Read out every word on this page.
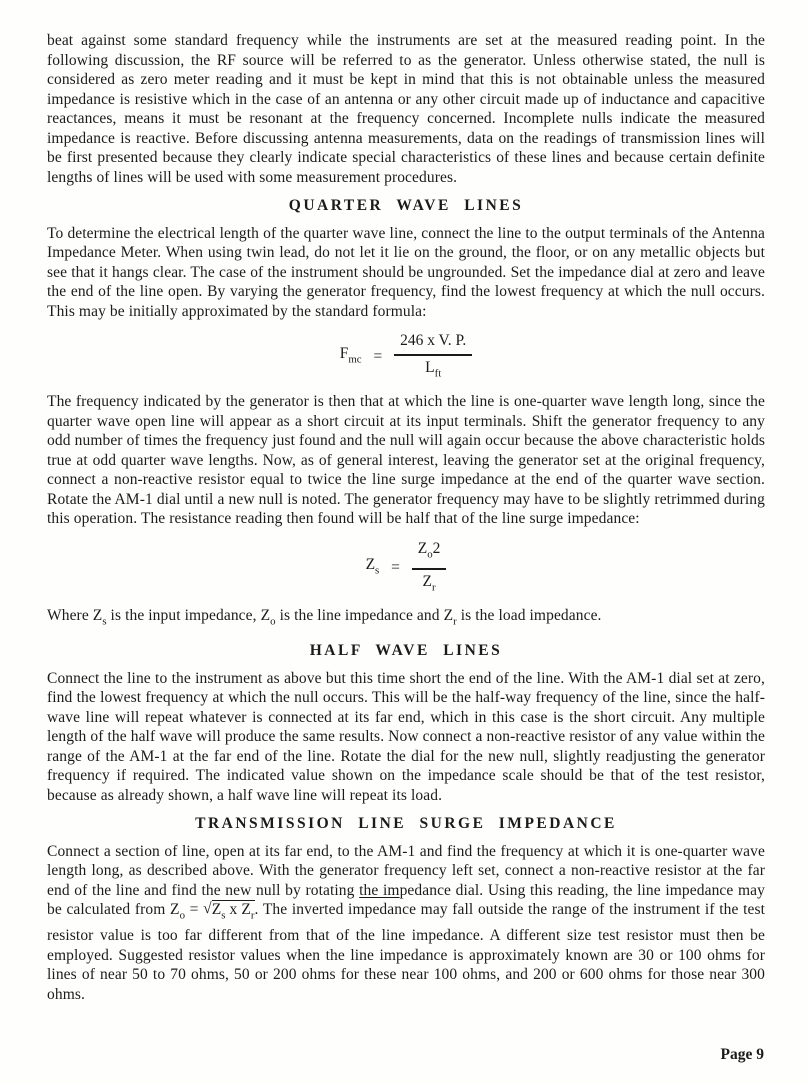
beat against some standard frequency while the instruments are set at the measured reading point. In the following discussion, the RF source will be referred to as the generator. Unless otherwise stated, the null is considered as zero meter reading and it must be kept in mind that this is not obtainable unless the measured impedance is resistive which in the case of an antenna or any other circuit made up of inductance and capacitive reactances, means it must be resonant at the frequency concerned. Incomplete nulls indicate the measured impedance is reactive. Before discussing antenna measurements, data on the readings of transmission lines will be first presented because they clearly indicate special characteristics of these lines and because certain definite lengths of lines will be used with some measurement procedures.

QUARTER WAVE LINES

To determine the electrical length of the quarter wave line, connect the line to the output terminals of the Antenna Impedance Meter. When using twin lead, do not let it lie on the ground, the floor, or on any metallic objects but see that it hangs clear. The case of the instrument should be ungrounded. Set the impedance dial at zero and leave the end of the line open. By varying the generator frequency, find the lowest frequency at which the null occurs. This may be initially approximated by the standard formula:

$F_{mc} = \frac{\text{246 x V. P.}}{L_{ft}}$

The frequency indicated by the generator is then that at which the line is one-quarter wave length long, since the quarter wave open line will appear as a short circuit at its input terminals. Shift the generator frequency to any odd number of times the frequency just found and the null will again occur because the above characteristic holds true at odd quarter wave lengths. Now, as of general interest, leaving the generator set at the original frequency, connect a non-reactive resistor equal to twice the line surge impedance at the end of the quarter wave section. Rotate the AM-1 dial until a new null is noted. The generator frequency may have to be slightly retrimmed during this operation. The resistance reading then found will be half that of the line surge impedance:

$Z_s = \frac{Z_o2}{Z_r}$

Where $Z_s$ is the input impedance, $Z_o$ is the line impedance and $Z_r$ is the load impedance.

HALF WAVE LINES

Connect the line to the instrument as above but this time short the end of the line. With the AM-1 dial set at zero, find the lowest frequency at which the null occurs. This will be the half-way frequency of the line, since the half-wave line will repeat whatever is connected at its far end, which in this case is the short circuit. Any multiple length of the half wave will produce the same results. Now connect a non-reactive resistor of any value within the range of the AM-1 at the far end of the line. Rotate the dial for the new null, slightly readjusting the generator frequency if required. The indicated value shown on the impedance scale should be that of the test resistor, because as already shown, a half wave line will repeat its load.

TRANSMISSION LINE SURGE IMPEDANCE

Connect a section of line, open at its far end, to the AM-1 and find the frequency at which it is one-quarter wave length long, as described above. With the generator frequency left set, connect a non-reactive resistor at the far end of the line and find the new null by rotating the impedance dial. Using this reading, the line impedance may be calculated from $Z_o = √Z_s$ x $Z_r$. The inverted impedance may fall outside the range of the instrument if the test resistor value is too far different from that of the line impedance. A different size test resistor must then be employed. Suggested resistor values when the line impedance is approximately known are 30 or 100 ohms for lines of near 50 to 70 ohms, 50 or 200 ohms for these near 100 ohms, and 200 or 600 ohms for those near 300 ohms.

Page 9
